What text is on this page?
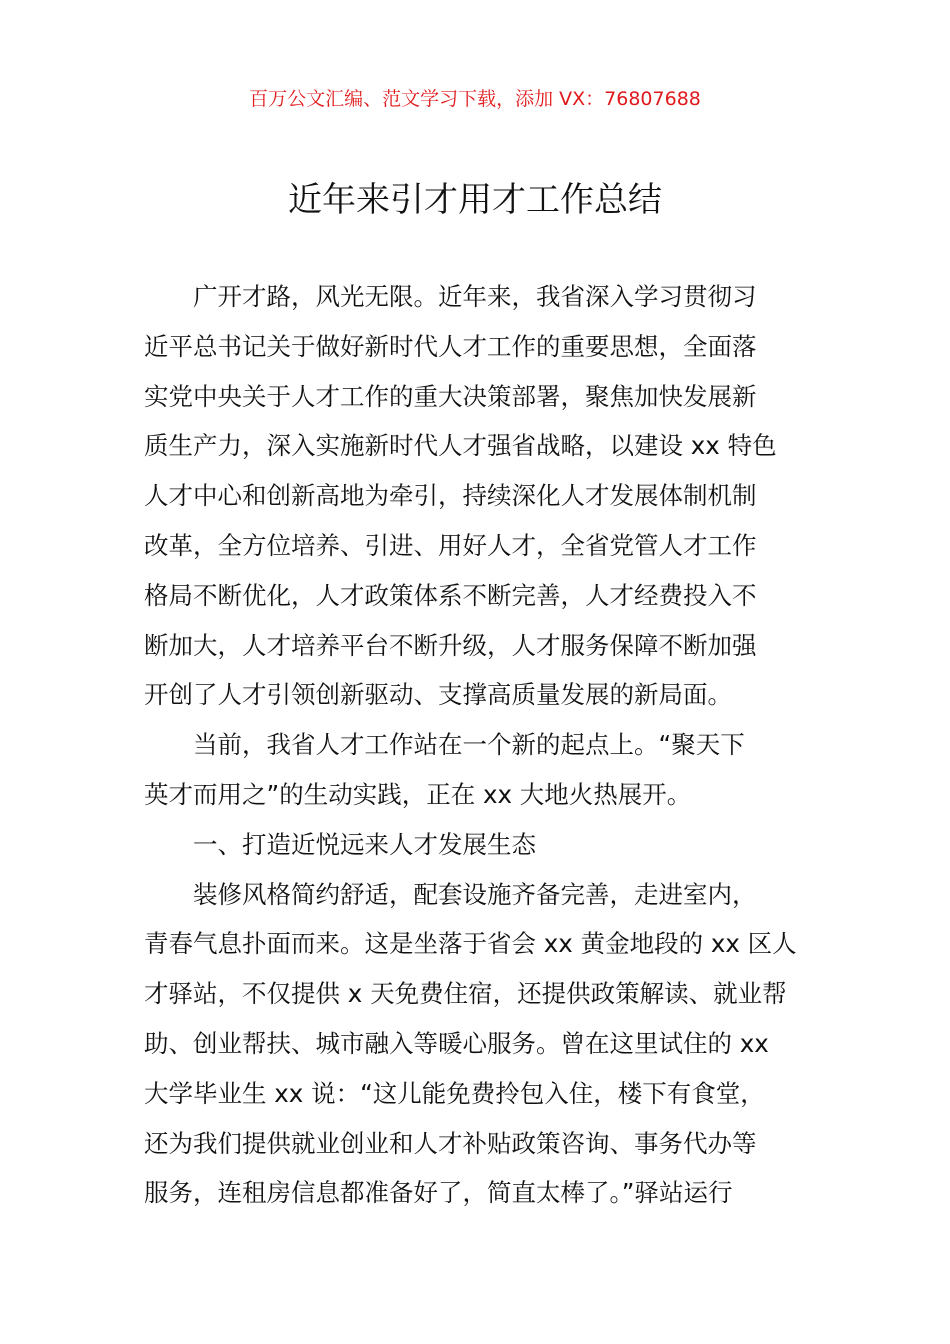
百万公文汇编、范文学习下载，添加 VX：76807688
近年来引才用才工作总结
　　广开才路，风光无限。近年来，我省深入学习贯彻习
近平总书记关于做好新时代人才工作的重要思想，全面落
实党中央关于人才工作的重大决策部署，聚焦加快发展新
质生产力，深入实施新时代人才强省战略，以建设 xx 特色
人才中心和创新高地为牵引，持续深化人才发展体制机制
改革，全方位培养、引进、用好人才，全省党管人才工作
格局不断优化，人才政策体系不断完善，人才经费投入不
断加大，人才培养平台不断升级，人才服务保障不断加强
开创了人才引领创新驱动、支撑高质量发展的新局面。
　　当前，我省人才工作站在一个新的起点上。“聚天下
英才而用之”的生动实践，正在 xx 大地火热展开。
　　一、打造近悦远来人才发展生态
　　装修风格简约舒适，配套设施齐备完善，走进室内，
青春气息扑面而来。这是坐落于省会 xx 黄金地段的 xx 区人
才驿站，不仅提供 x 天免费住宿，还提供政策解读、就业帮
助、创业帮扶、城市融入等暖心服务。曾在这里试住的 xx
大学毕业生 xx 说：“这儿能免费拎包入住，楼下有食堂，
还为我们提供就业创业和人才补贴政策咨询、事务代办等
服务，连租房信息都准备好了，简直太棒了。”驿站运行
